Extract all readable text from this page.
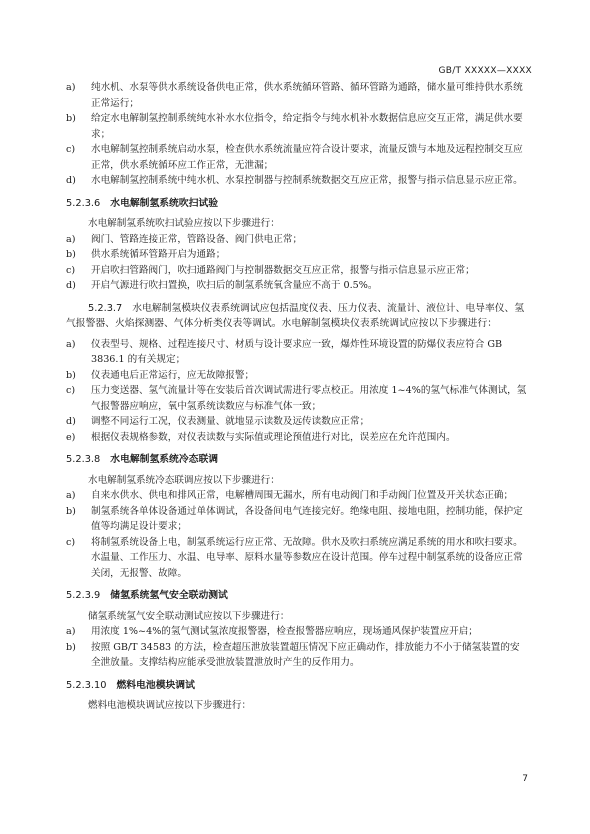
GB/T XXXXX—XXXX
a)	纯水机、水泵等供水系统设备供电正常，供水系统循环管路、循环管路为通路，储水量可维持供水系统正常运行；
b)	给定水电解制氢控制系统纯水补水水位指令，给定指令与纯水机补水数据信息应交互正常，满足供水要求；
c)	水电解制氢控制系统启动水泵，检查供水系统流量应符合设计要求，流量反馈与本地及远程控制交互应正常，供水系统循环应工作正常，无泄漏；
d)	水电解制氢控制系统中纯水机、水泵控制器与控制系统数据交互应正常，报警与指示信息显示应正常。

5.2.3.6 水电解制氢系统吹扫试验

水电解制氢系统吹扫试验应按以下步骤进行：

a)	阀门、管路连接正常，管路设备、阀门供电正常；
b)	供水系统循环管路开启为通路；
c)	开启吹扫管路阀门，吹扫通路阀门与控制器数据交互应正常，报警与指示信息显示应正常；
d)	开启气源进行吹扫置换，吹扫后的制氢系统氧含量应不高于 0.5%。

5.2.3.7 水电解制氢模块仪表系统调试应包括温度仪表、压力仪表、流量计、液位计、电导率仪、氢气报警器、火焰探测器、气体分析类仪表等调试。水电解制氢模块仪表系统调试应按以下步骤进行：

a)	仪表型号、规格、过程连接尺寸、材质与设计要求应一致，爆炸性环境设置的防爆仪表应符合 GB 3836.1 的有关规定；
b)	仪表通电后正常运行，应无故障报警；
c)	压力变送器、氢气流量计等在安装后首次调试需进行零点校正。用浓度 1~4%的氢气标准气体测试，氢气报警器应响应，氧中氢系统读数应与标准气体一致；
d)	调整不同运行工况，仪表测量、就地显示读数及远传读数应正常；
e)	根据仪表规格参数，对仪表读数与实际值或理论预值进行对比，误差应在允许范围内。

5.2.3.8 水电解制氢系统冷态联调

水电解制氢系统冷态联调应按以下步骤进行：

a)	自来水供水、供电和排风正常，电解槽周围无漏水，所有电动阀门和手动阀门位置及开关状态正确；
b)	制氢系统各单体设备通过单体调试，各设备间电气连接完好。绝缘电阻、接地电阻，控制功能，保护定值等均满足设计要求；
c)	将制氢系统设备上电，制氢系统运行应正常、无故障。供水及吹扫系统应满足系统的用水和吹扫要求。水温量、工作压力、水温、电导率、原料水量等参数应在设计范围。停车过程中制氢系统的设备应正常关闭，无报警、故障。

5.2.3.9 储氢系统氢气安全联动测试

储氢系统氢气安全联动测试应按以下步骤进行：

a)	用浓度 1%~4%的氢气测试氢浓度报警器，检查报警器应响应，现场通风保护装置应开启；
b)	按照 GB/T 34583 的方法，检查超压泄放装置超压情况下应正确动作，排放能力不小于储氢装置的安全泄放量。支撑结构应能承受泄放装置泄放时产生的反作用力。

5.2.3.10 燃料电池模块调试

燃料电池模块调试应按以下步骤进行：

7
